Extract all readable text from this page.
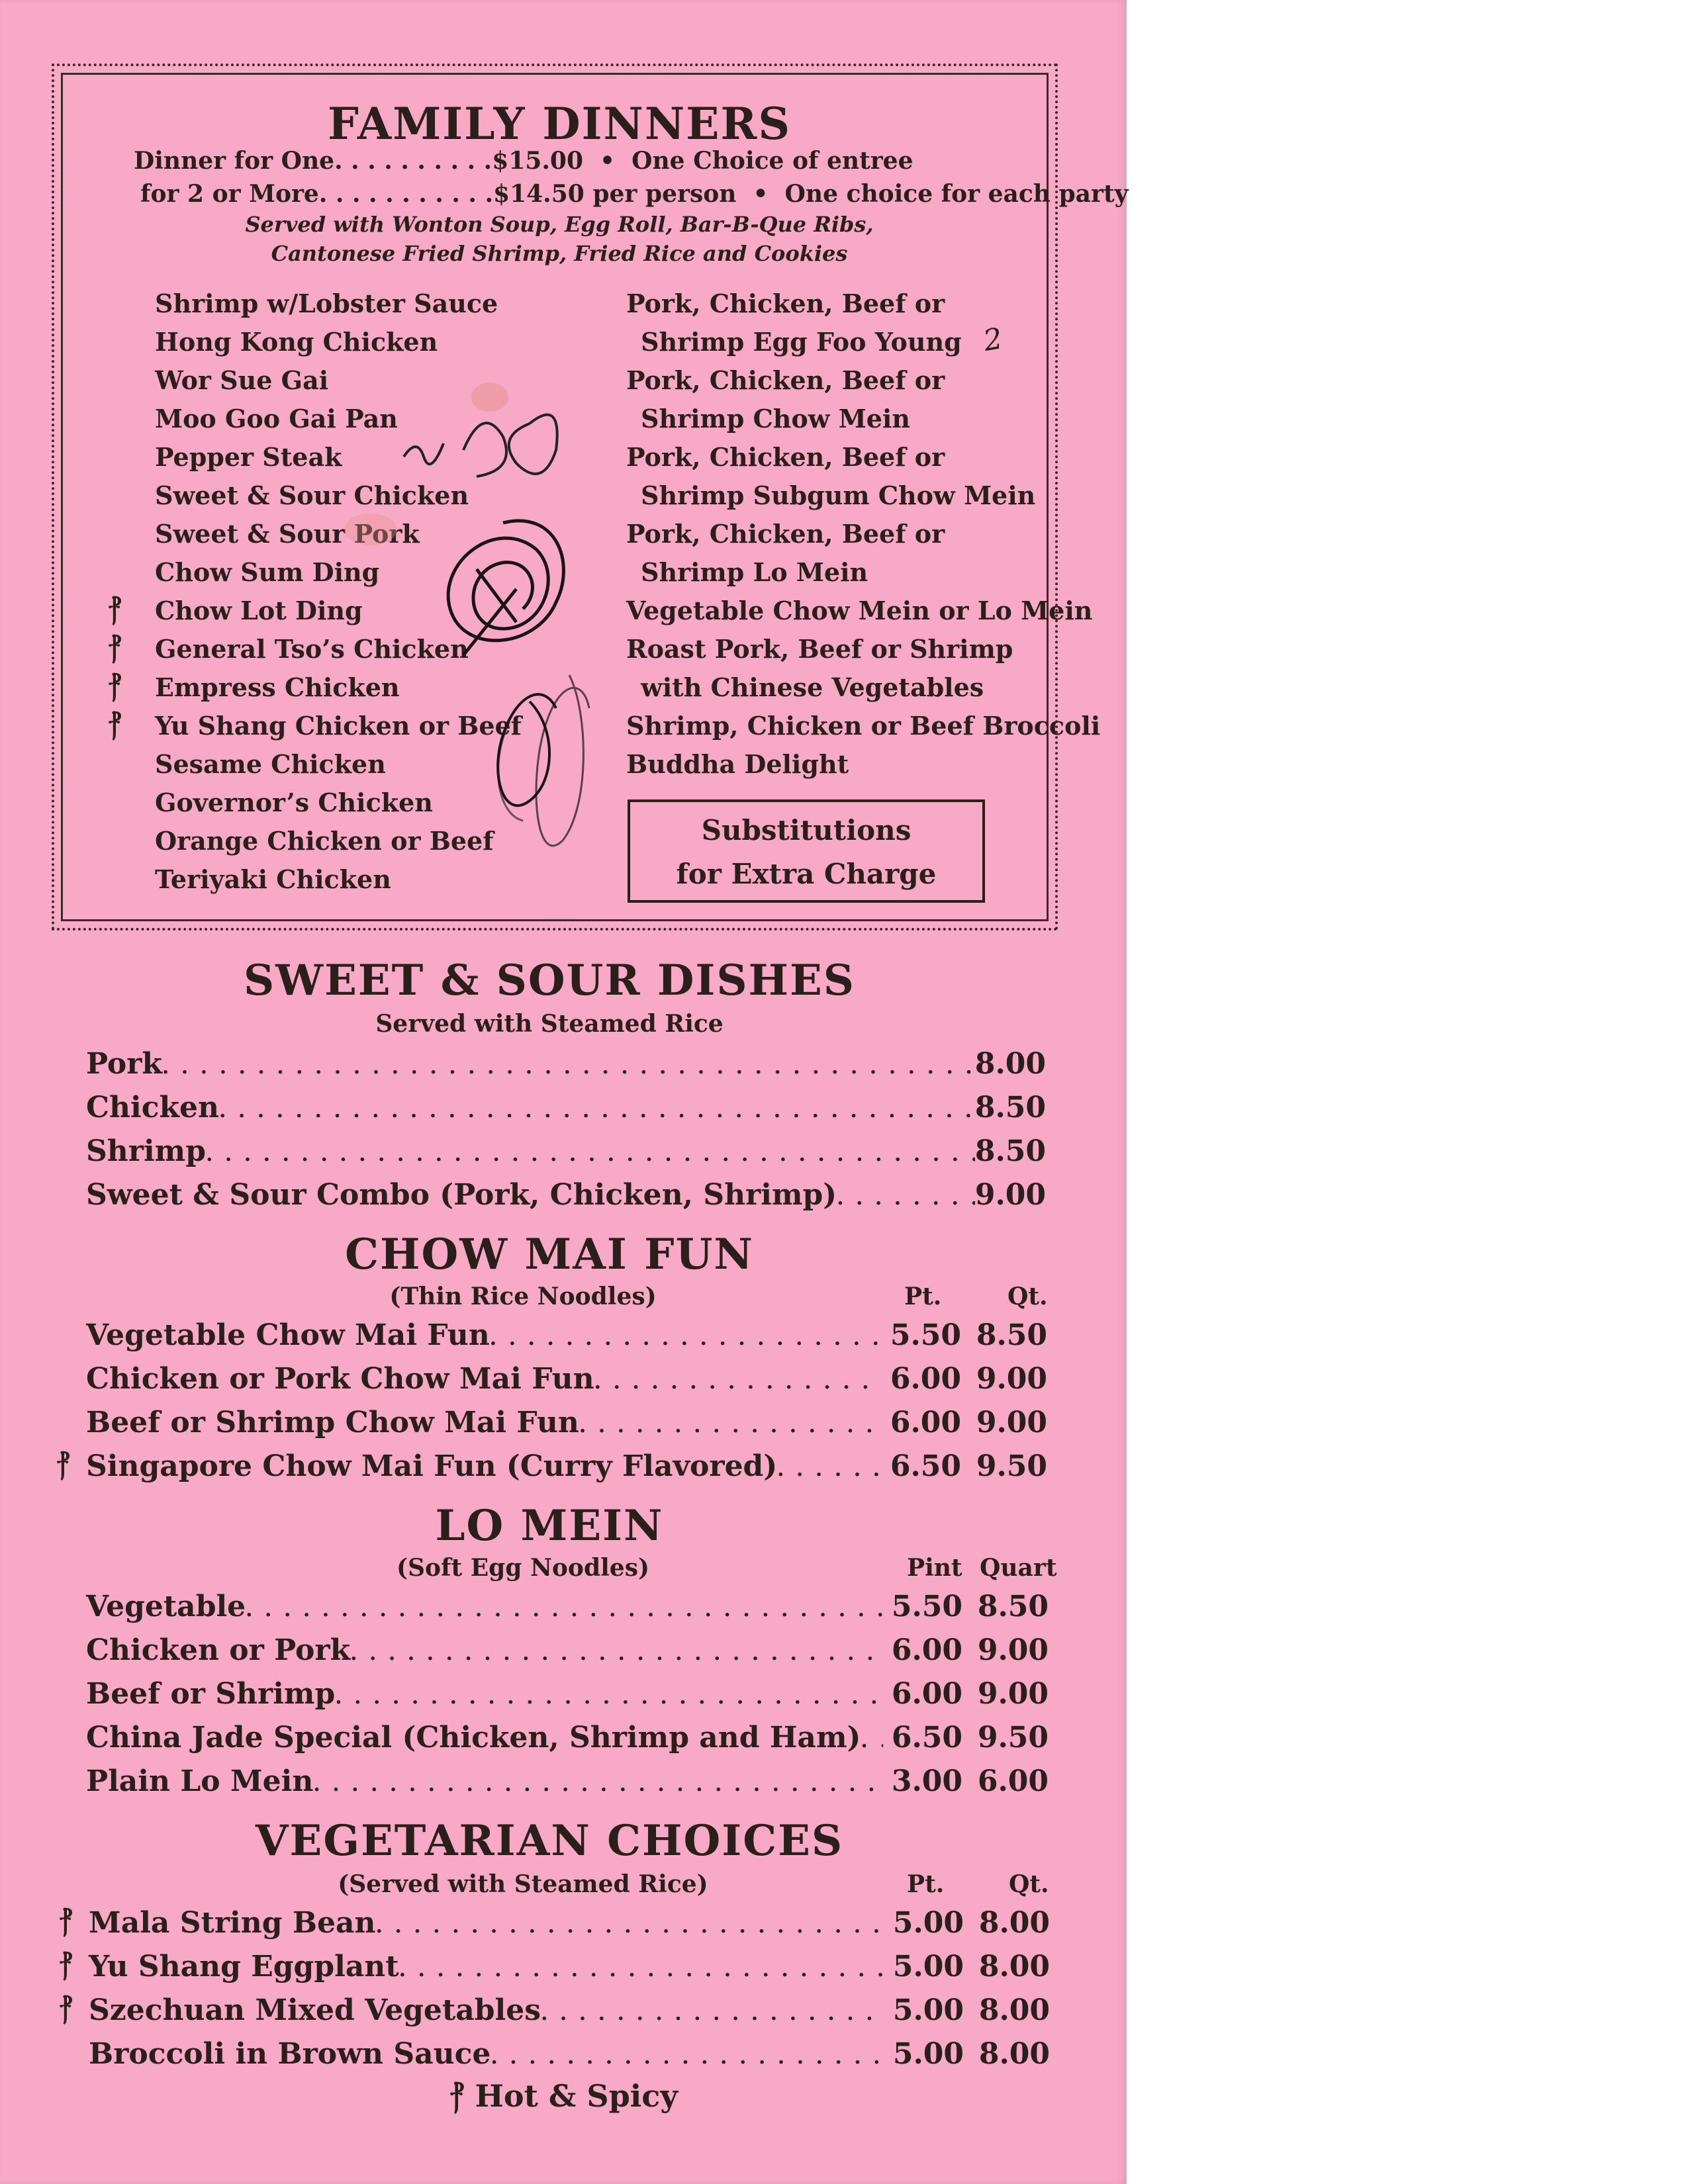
FAMILY DINNERS
Dinner for One. . . . . . . . . .$15.00  •  One Choice of entree
for 2 or More. . . . . . . . . . .$14.50 per person  •  One choice for each party
Served with Wonton Soup, Egg Roll, Bar-B-Que Ribs,
Cantonese Fried Shrimp, Fried Rice and Cookies
Shrimp w/Lobster Sauce
Hong Kong Chicken
Wor Sue Gai
Moo Goo Gai Pan
Pepper Steak
Sweet & Sour Chicken
Sweet & Sour Pork
Chow Sum Ding
⳨ Chow Lot Ding
⳨ General Tso’s Chicken
⳨ Empress Chicken
⳨ Yu Shang Chicken or Beef
Sesame Chicken
Governor’s Chicken
Orange Chicken or Beef
Teriyaki Chicken
Pork, Chicken, Beef or
Shrimp Egg Foo Young
Pork, Chicken, Beef or
Shrimp Chow Mein
Pork, Chicken, Beef or
Shrimp Subgum Chow Mein
Pork, Chicken, Beef or
Shrimp Lo Mein
Vegetable Chow Mein or Lo Mein
Roast Pork, Beef or Shrimp
with Chinese Vegetables
Shrimp, Chicken or Beef Broccoli
Buddha Delight
2
Substitutions
for Extra Charge
SWEET & SOUR DISHES
Served with Steamed Rice
Pork . . .	8.00
Chicken . . .	8.50
Shrimp . . .	8.50
Sweet & Sour Combo (Pork, Chicken, Shrimp) . . .	9.00
CHOW MAI FUN
(Thin Rice Noodles)	Pt.	Qt.
Vegetable Chow Mai Fun . . .	5.50 8.50
Chicken or Pork Chow Mai Fun . . .	6.00 9.00
Beef or Shrimp Chow Mai Fun . . .	6.00 9.00
⳨ Singapore Chow Mai Fun (Curry Flavored) . . .	6.50 9.50
LO MEIN
(Soft Egg Noodles)	Pint Quart
Vegetable . . .	5.50 8.50
Chicken or Pork . . .	6.00 9.00
Beef or Shrimp . . .	6.00 9.00
China Jade Special (Chicken, Shrimp and Ham) . . . 6.50 9.50
Plain Lo Mein . . .	3.00 6.00
VEGETARIAN CHOICES
(Served with Steamed Rice)	Pt.	Qt.
⳨ Mala String Bean . . .	5.00 8.00
⳨ Yu Shang Eggplant . . .	5.00 8.00
⳨ Szechuan Mixed Vegetables . . .	5.00 8.00
Broccoli in Brown Sauce . . .	5.00 8.00
⳨ Hot & Spicy
